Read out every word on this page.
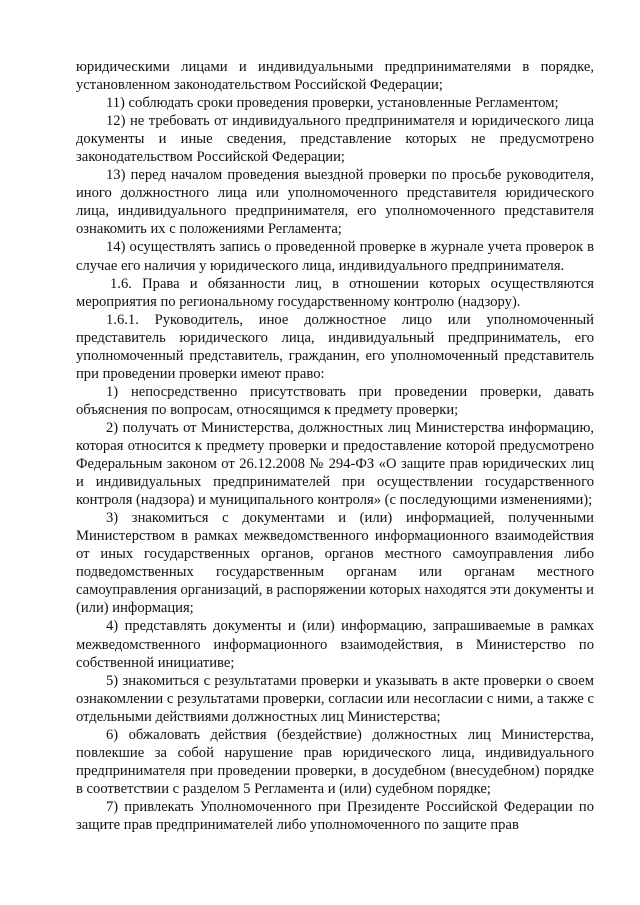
юридическими лицами и индивидуальными предпринимателями в порядке, установленном законодательством Российской Федерации;

11) соблюдать сроки проведения проверки, установленные Регламентом;

12) не требовать от индивидуального предпринимателя и юридического лица документы и иные сведения, представление которых не предусмотрено законодательством Российской Федерации;

13) перед началом проведения выездной проверки по просьбе руководителя, иного должностного лица или уполномоченного представителя юридического лица, индивидуального предпринимателя, его уполномоченного представителя ознакомить их с положениями Регламента;

14) осуществлять запись о проведенной проверке в журнале учета проверок в случае его наличия у юридического лица, индивидуального предпринимателя.

1.6. Права и обязанности лиц, в отношении которых осуществляются мероприятия по региональному государственному контролю (надзору).

1.6.1. Руководитель, иное должностное лицо или уполномоченный представитель юридического лица, индивидуальный предприниматель, его уполномоченный представитель, гражданин, его уполномоченный представитель при проведении проверки имеют право:

1) непосредственно присутствовать при проведении проверки, давать объяснения по вопросам, относящимся к предмету проверки;

2) получать от Министерства, должностных лиц Министерства информацию, которая относится к предмету проверки и предоставление которой предусмотрено Федеральным законом от 26.12.2008 № 294-ФЗ «О защите прав юридических лиц и индивидуальных предпринимателей при осуществлении государственного контроля (надзора) и муниципального контроля» (с последующими изменениями);

3) знакомиться с документами и (или) информацией, полученными Министерством в рамках межведомственного информационного взаимодействия от иных государственных органов, органов местного самоуправления либо подведомственных государственным органам или органам местного самоуправления организаций, в распоряжении которых находятся эти документы и (или) информация;

4) представлять документы и (или) информацию, запрашиваемые в рамках межведомственного информационного взаимодействия, в Министерство по собственной инициативе;

5) знакомиться с результатами проверки и указывать в акте проверки о своем ознакомлении с результатами проверки, согласии или несогласии с ними, а также с отдельными действиями должностных лиц Министерства;

6) обжаловать действия (бездействие) должностных лиц Министерства, повлекшие за собой нарушение прав юридического лица, индивидуального предпринимателя при проведении проверки, в досудебном (внесудебном) порядке в соответствии с разделом 5 Регламента и (или) судебном порядке;

7) привлекать Уполномоченного при Президенте Российской Федерации по защите прав предпринимателей либо уполномоченного по защите прав
